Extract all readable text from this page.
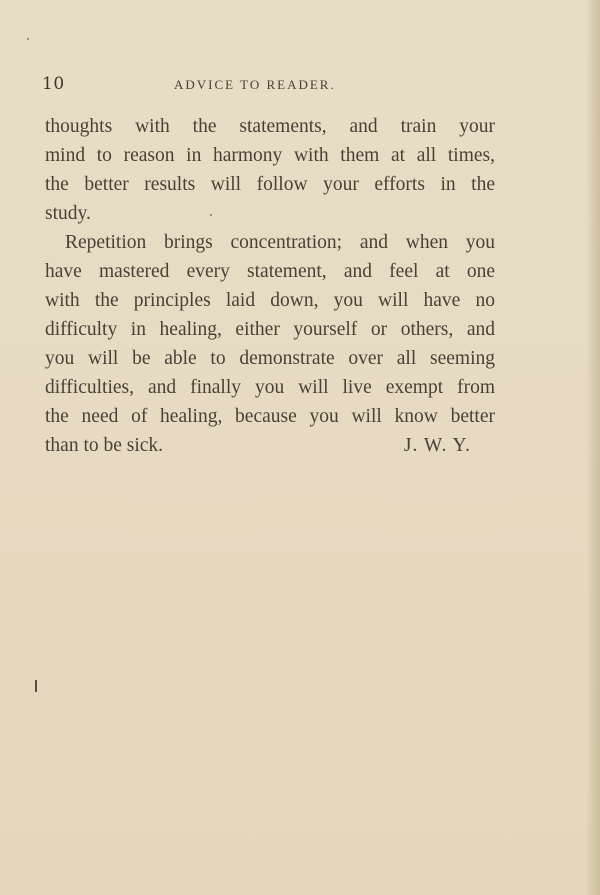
10	ADVICE TO READER.
thoughts with the statements, and train your
mind to reason in harmony with them at all times,
the better results will follow your efforts in the
study.
Repetition brings concentration; and when you
have mastered every statement, and feel at one
with the principles laid down, you will have no
difficulty in healing, either yourself or others, and
you will be able to demonstrate over all seeming
difficulties, and finally you will live exempt from
the need of healing, because you will know better
than to be sick.	J. W. Y.
